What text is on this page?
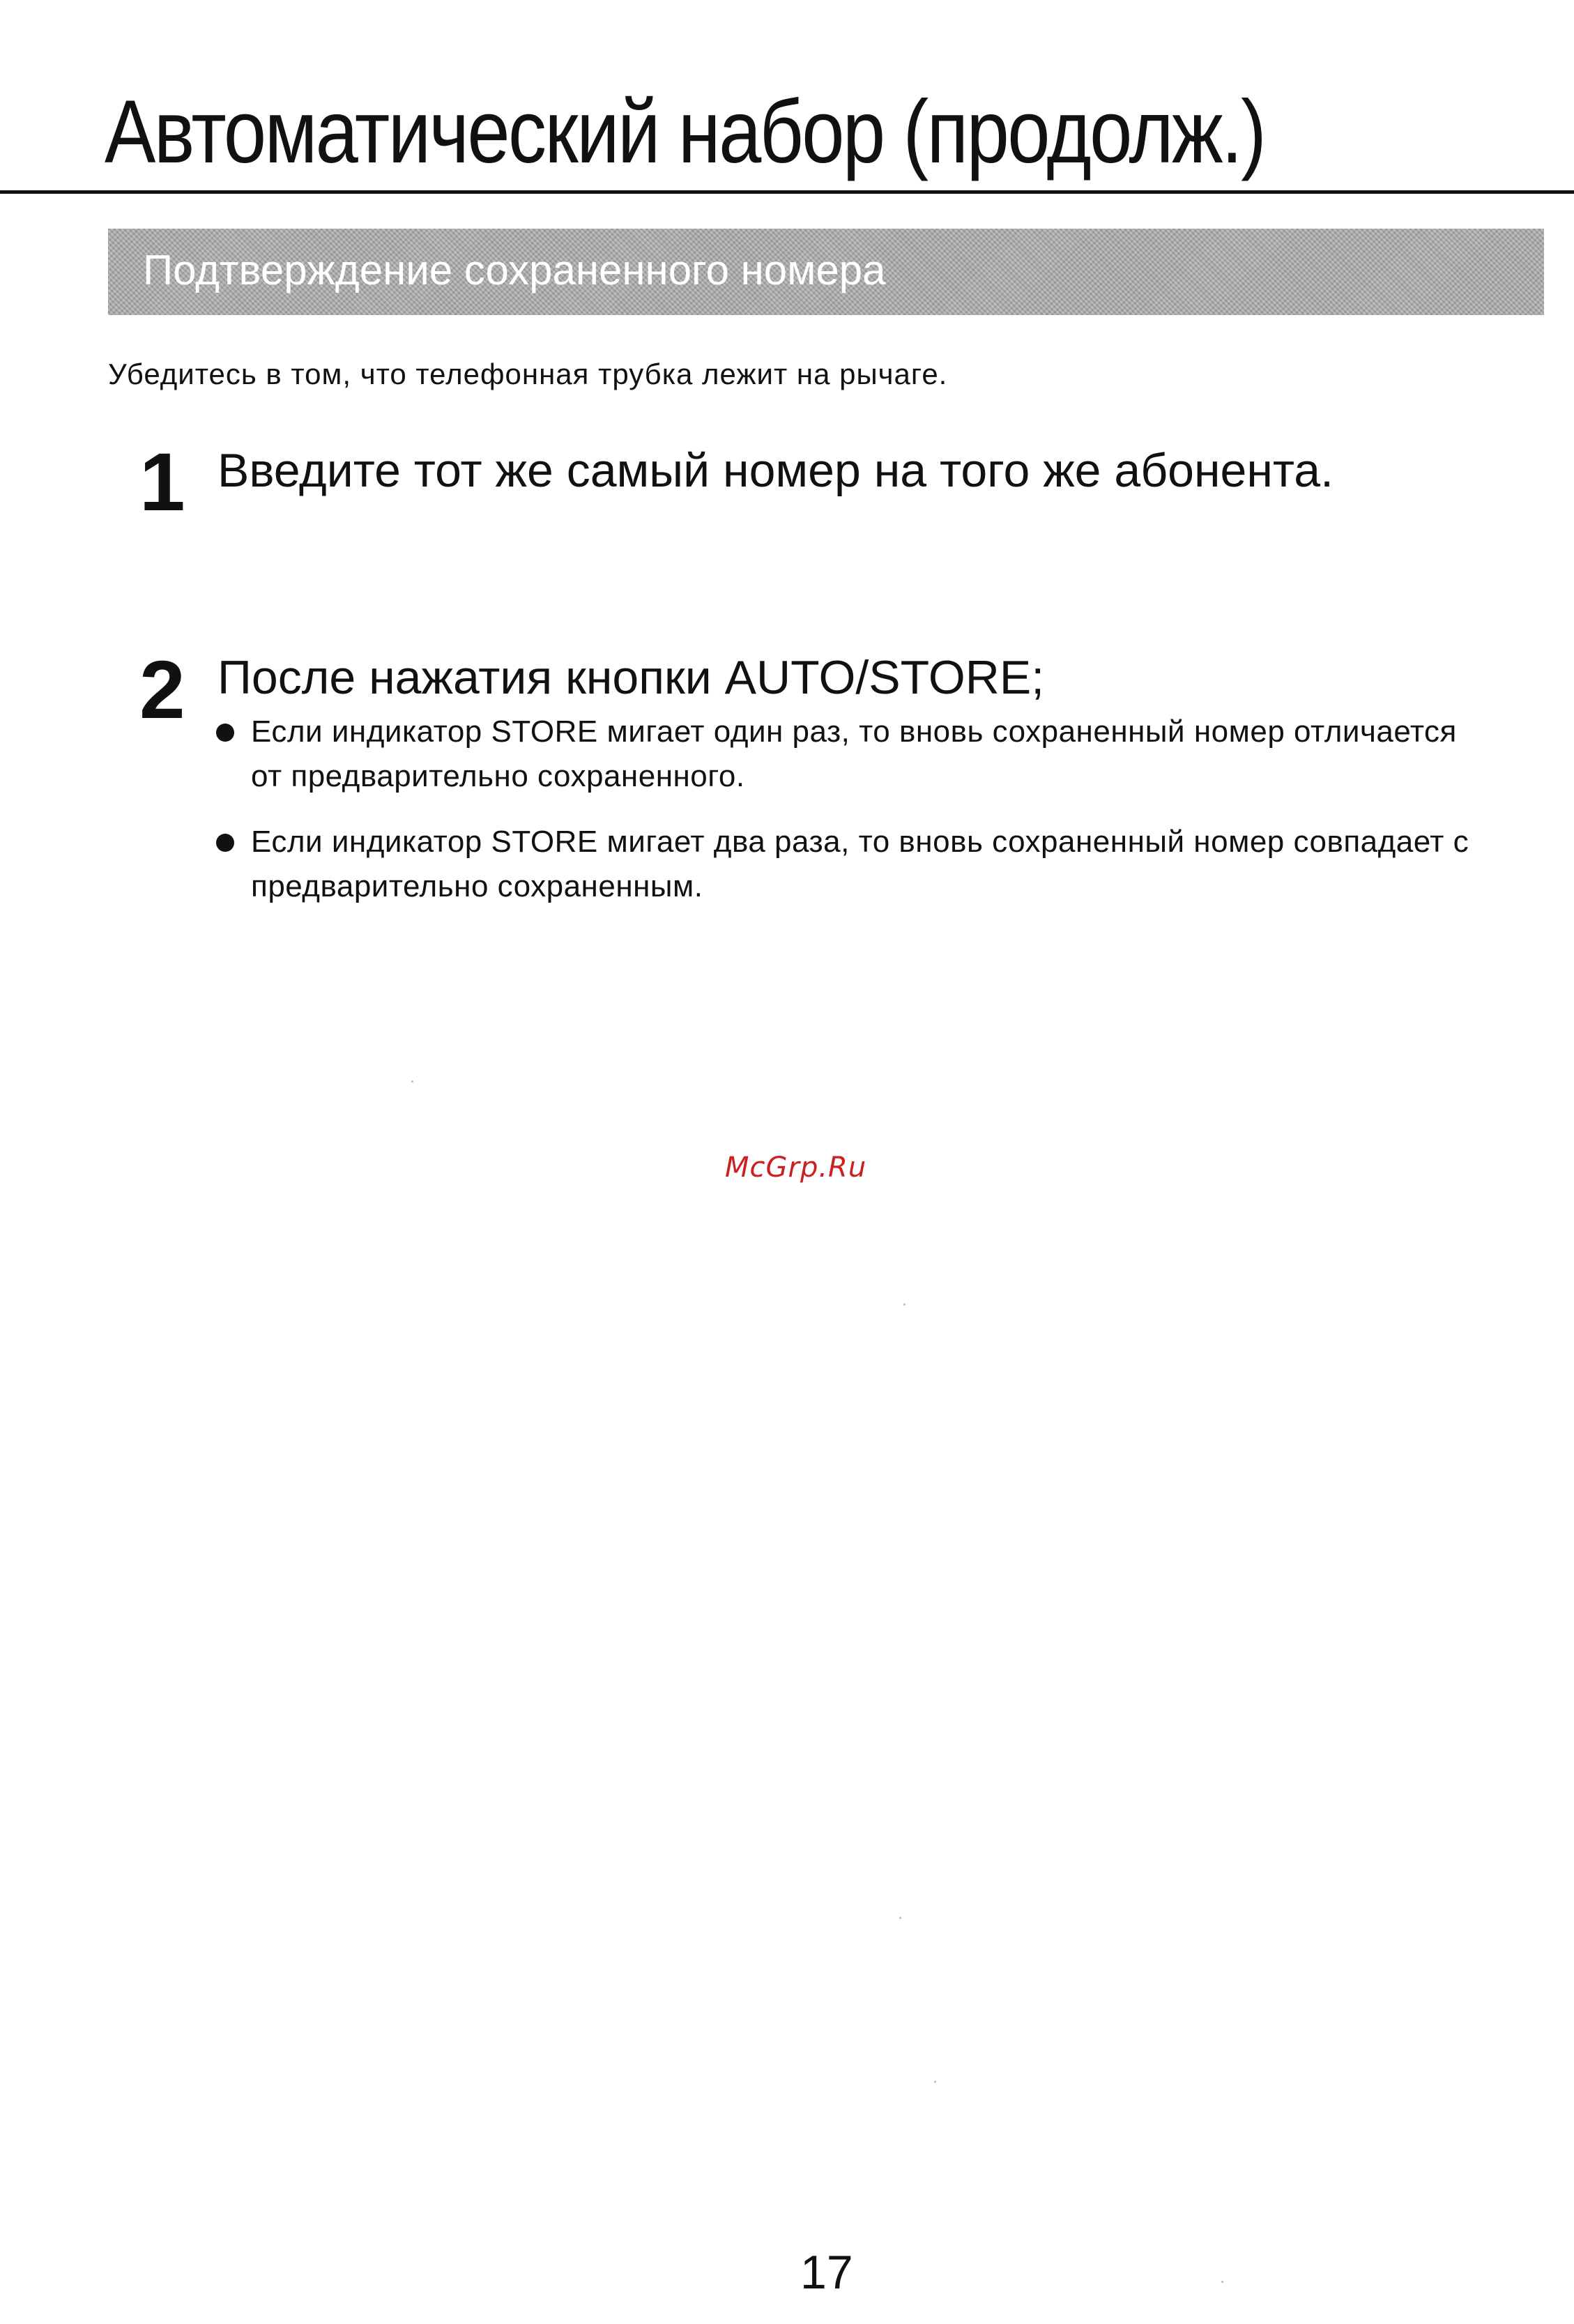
Автоматический набор (продолж.)
Подтверждение сохраненного номера

Убедитесь в том, что телефонная трубка лежит на рычаге.

1 Введите тот же самый номер на того же абонента.

2 После нажатия кнопки AUTO/STORE;

Если индикатор STORE мигает один раз, то вновь сохраненный номер отличается от предварительно сохраненного.

Если индикатор STORE мигает два раза, то вновь сохраненный номер совпадает с предварительно сохраненным.

McGrp.Ru

17
